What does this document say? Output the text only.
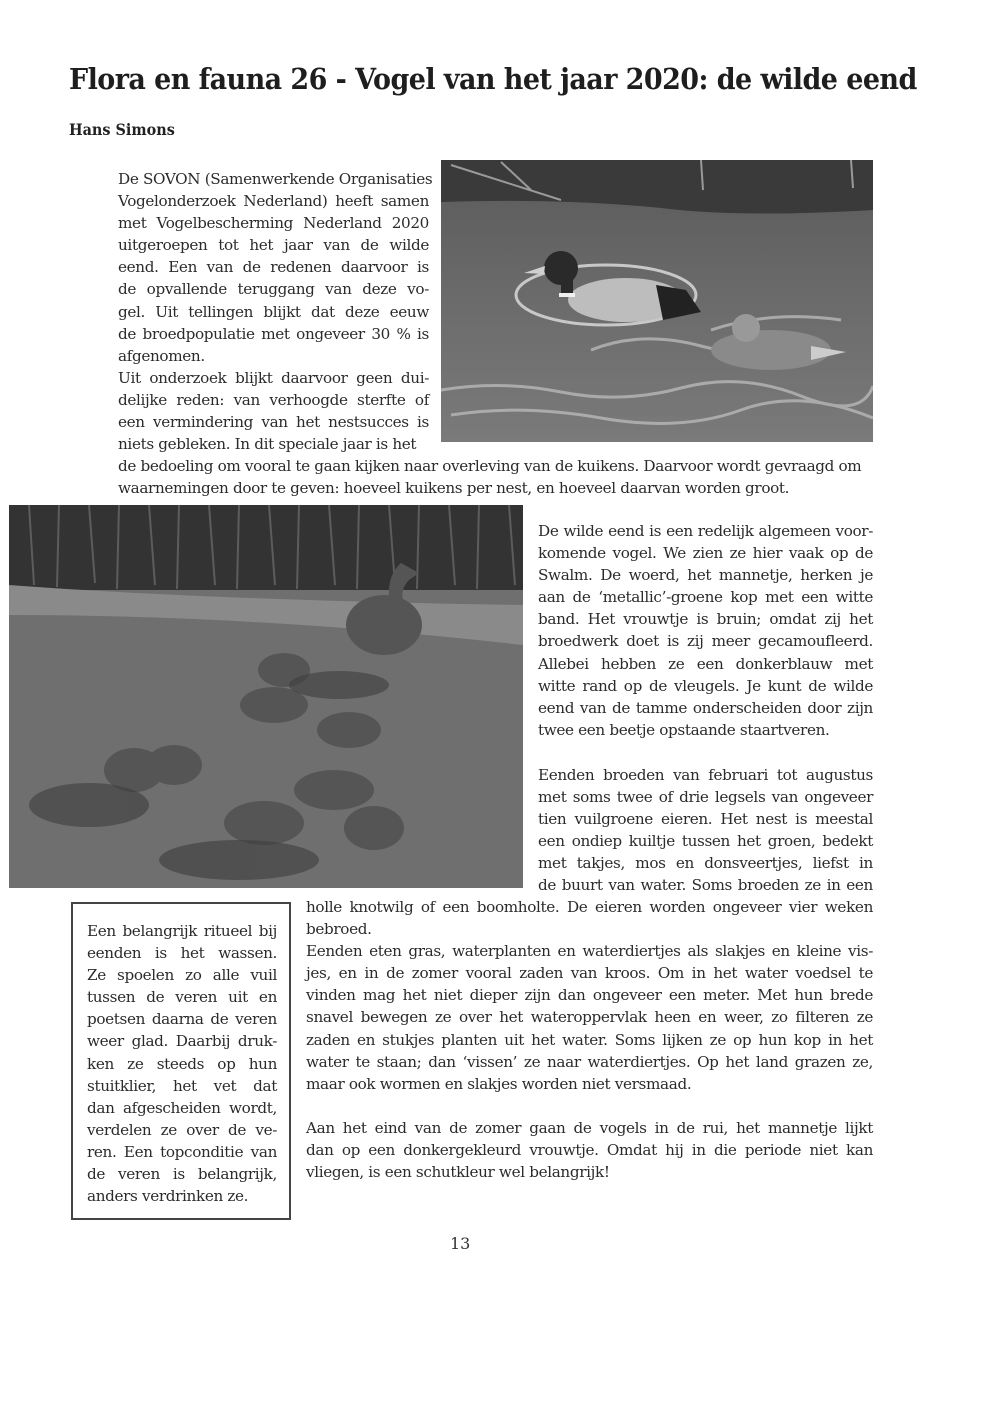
Flora en fauna 26 - Vogel van het jaar 2020: de wilde eend
Hans Simons
De SOVON (Samenwerkende Organisaties
Vogelonderzoek Nederland) heeft samen
met Vogelbescherming Nederland 2020
uitgeroepen tot het jaar van de wilde
eend. Een van de redenen daarvoor is
de opvallende teruggang van deze vo-
gel. Uit tellingen blijkt dat deze eeuw
de broedpopulatie met ongeveer 30 % is
afgenomen.
Uit onderzoek blijkt daarvoor geen dui-
delijke reden: van verhoogde sterfte of
een vermindering van het nestsucces is
niets gebleken. In dit speciale jaar is het
de bedoeling om vooral te gaan kijken naar overleving van de kuikens. Daarvoor wordt gevraagd om
waarnemingen door te geven: hoeveel kuikens per nest, en hoeveel daarvan worden groot.
De wilde eend is een redelijk algemeen voor-
komende vogel. We zien ze hier vaak op de
Swalm. De woerd, het mannetje, herken je
aan de ‘metallic’-groene kop met een witte
band. Het vrouwtje is bruin; omdat zij het
broedwerk doet is zij meer gecamoufleerd.
Allebei hebben ze een donkerblauw met
witte rand op de vleugels. Je kunt de wilde
eend van de tamme onderscheiden door zijn
twee een beetje opstaande staartveren.
Eenden broeden van februari tot augustus
met soms twee of drie legsels van ongeveer
tien vuilgroene eieren. Het nest is meestal
een ondiep kuiltje tussen het groen, bedekt
met takjes, mos en donsveertjes, liefst in
de buurt van water. Soms broeden ze in een
holle knotwilg of een boomholte. De eieren worden ongeveer vier weken
bebroed.
Eenden eten gras, waterplanten en waterdiertjes als slakjes en kleine vis-
jes, en in de zomer vooral zaden van kroos. Om in het water voedsel te
vinden mag het niet dieper zijn dan ongeveer een meter. Met hun brede
snavel bewegen ze over het wateroppervlak heen en weer, zo filteren ze
zaden en stukjes planten uit het water. Soms lijken ze op hun kop in het
water te staan; dan ‘vissen’ ze naar waterdiertjes. Op het land grazen ze,
maar ook wormen en slakjes worden niet versmaad.
Aan het eind van de zomer gaan de vogels in de rui, het mannetje lijkt
dan op een donkergekleurd vrouwtje. Omdat hij in die periode niet kan
vliegen, is een schutkleur wel belangrijk!
Een belangrijk ritueel bij
eenden is het wassen.
Ze spoelen zo alle vuil
tussen de veren uit en
poetsen daarna de veren
weer glad. Daarbij druk-
ken ze steeds op hun
stuitklier, het vet dat
dan afgescheiden wordt,
verdelen ze over de ve-
ren. Een topconditie van
de veren is belangrijk,
anders verdrinken ze.
13
